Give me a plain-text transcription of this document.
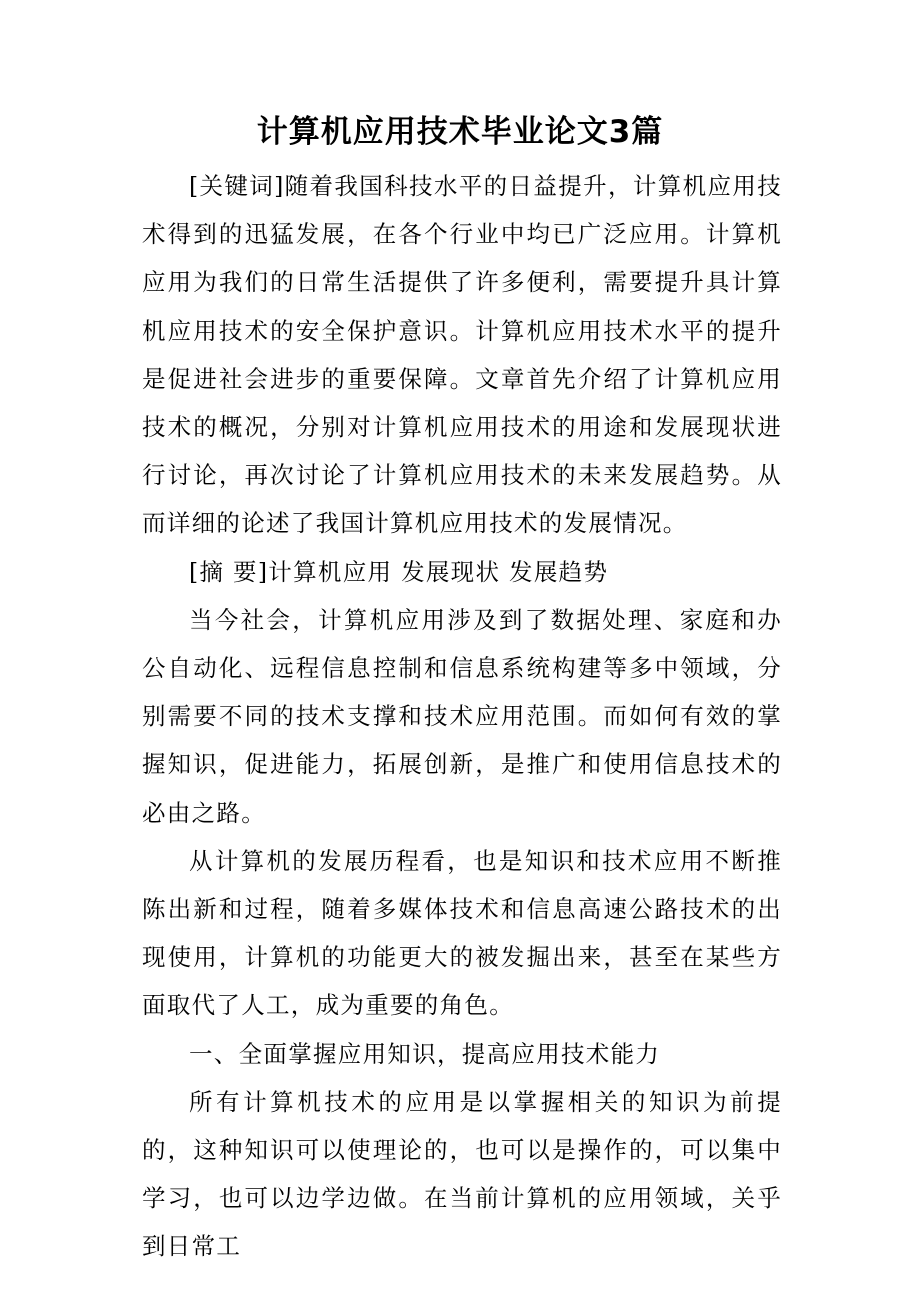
计算机应用技术毕业论文3篇

[关键词]随着我国科技水平的日益提升，计算机应用技术得到的迅猛发展，在各个行业中均已广泛应用。计算机应用为我们的日常生活提供了许多便利，需要提升具计算机应用技术的安全保护意识。计算机应用技术水平的提升是促进社会进步的重要保障。文章首先介绍了计算机应用技术的概况，分别对计算机应用技术的用途和发展现状进行讨论，再次讨论了计算机应用技术的未来发展趋势。从而详细的论述了我国计算机应用技术的发展情况。

[摘 要]计算机应用 发展现状 发展趋势

当今社会，计算机应用涉及到了数据处理、家庭和办公自动化、远程信息控制和信息系统构建等多中领域，分别需要不同的技术支撑和技术应用范围。而如何有效的掌握知识，促进能力，拓展创新，是推广和使用信息技术的必由之路。

从计算机的发展历程看，也是知识和技术应用不断推陈出新和过程，随着多媒体技术和信息高速公路技术的出现使用，计算机的功能更大的被发掘出来，甚至在某些方面取代了人工，成为重要的角色。

一、全面掌握应用知识，提高应用技术能力

所有计算机技术的应用是以掌握相关的知识为前提的，这种知识可以使理论的，也可以是操作的，可以集中学习，也可以边学边做。在当前计算机的应用领域，关乎到日常工
